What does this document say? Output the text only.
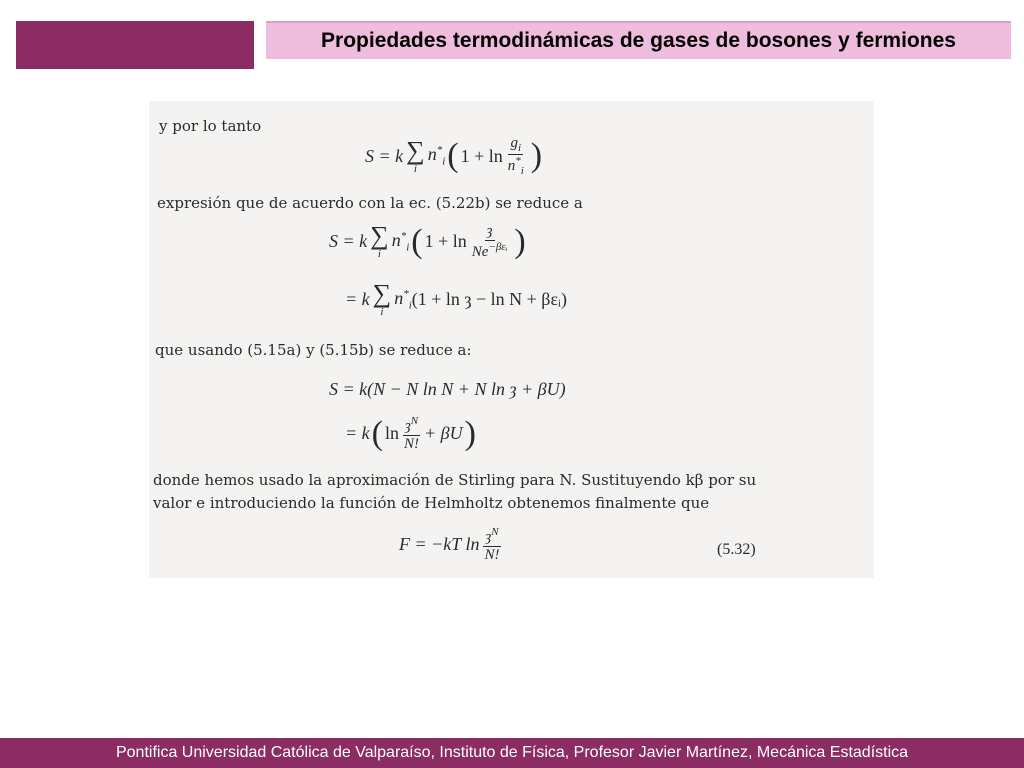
Propiedades termodinámicas de gases de bosones y fermiones
y por lo tanto
S = k ∑
i
$n^*_i$ ( $1 + \ln \frac{g_i}{n^*_i}$ )
expresión que de acuerdo con la ec. (5.22b) se reduce a
S = k ∑
i
$n^*_i$ ( $1 + \ln \frac{ȝ}{Ne^{-\beta\varepsilon ᵢ}}$ )
= k ∑
i
$n^*_i$ (1 + ln ȝ − ln N + βεᵢ)
que usando (5.15a) y (5.15b) se reduce a:
S = k(N − N ln N + N ln ȝ + βU)
= k ( $\ln \frac{ȝ^N}{N!} + \beta U$ )
donde hemos usado la aproximación de Stirling para N. Sustituyendo kβ por su
valor e introduciendo la función de Helmholtz obtenemos finalmente que
F = −kT $\ln \frac{ȝ^N}{N!}$	(5.32)
Pontifica Universidad Católica de Valparaíso, Instituto de Física, Profesor Javier Martínez, Mecánica Estadística
